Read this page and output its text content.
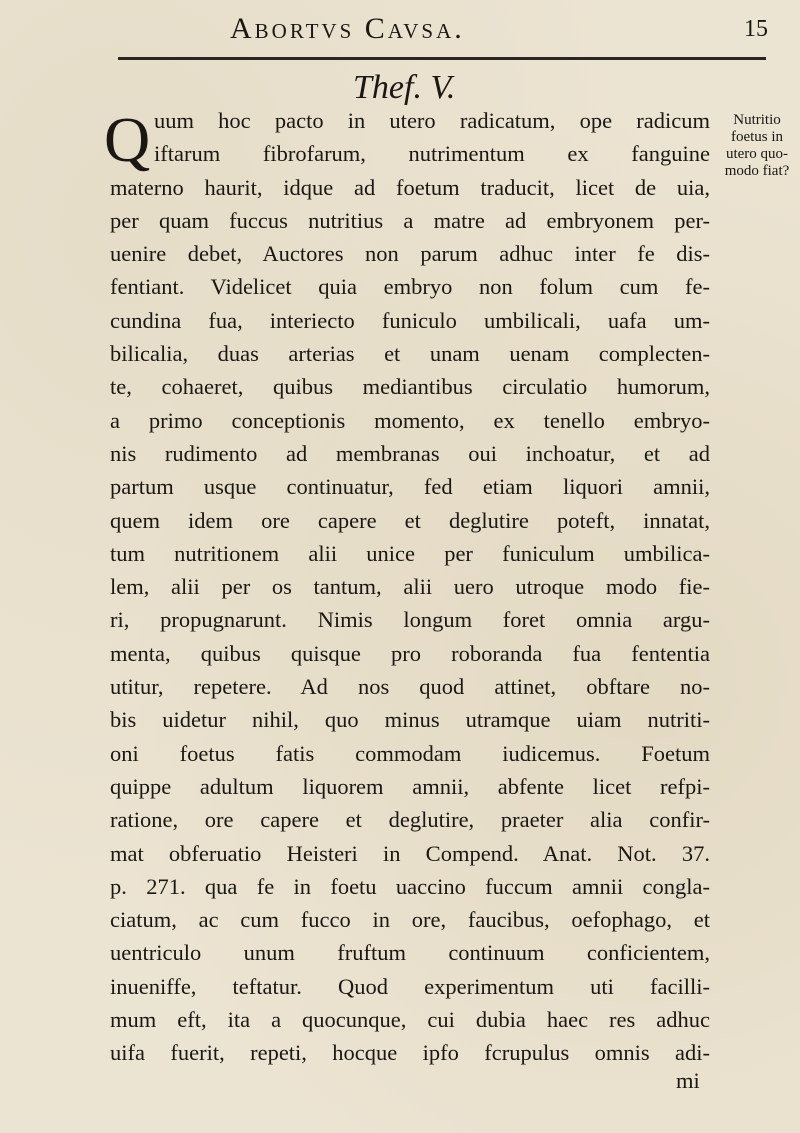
Abortvs Cavsa.	15
Thef. V.
Q	Nutritio
foetus in
utero quo-
modo fiat?
uum hoc pacto in utero radicatum, ope radicum
iftarum fibrofarum, nutrimentum ex fanguine
materno haurit, idque ad foetum traducit, licet de uia,
per quam fuccus nutritius a matre ad embryonem per-
uenire debet, Auctores non parum adhuc inter fe dis-
fentiant. Videlicet quia embryo non folum cum fe-
cundina fua, interiecto funiculo umbilicali, uafa um-
bilicalia, duas arterias et unam uenam complecten-
te, cohaeret, quibus mediantibus circulatio humorum,
a primo conceptionis momento, ex tenello embryo-
nis rudimento ad membranas oui inchoatur, et ad
partum usque continuatur, fed etiam liquori amnii,
quem idem ore capere et deglutire poteft, innatat,
tum nutritionem alii unice per funiculum umbilica-
lem, alii per os tantum, alii uero utroque modo fie-
ri, propugnarunt. Nimis longum foret omnia argu-
menta, quibus quisque pro roboranda fua fententia
utitur, repetere. Ad nos quod attinet, obftare no-
bis uidetur nihil, quo minus utramque uiam nutriti-
oni foetus fatis commodam iudicemus. Foetum
quippe adultum liquorem amnii, abfente licet refpi-
ratione, ore capere et deglutire, praeter alia confir-
mat obferuatio Heisteri in Compend. Anat. Not. 37.
p. 271. qua fe in foetu uaccino fuccum amnii congla-
ciatum, ac cum fucco in ore, faucibus, oefophago, et
uentriculo unum fruftum continuum conficientem,
inueniffe, teftatur. Quod experimentum uti facilli-
mum eft, ita a quocunque, cui dubia haec res adhuc
uifa fuerit, repeti, hocque ipfo fcrupulus omnis adi-
mi
